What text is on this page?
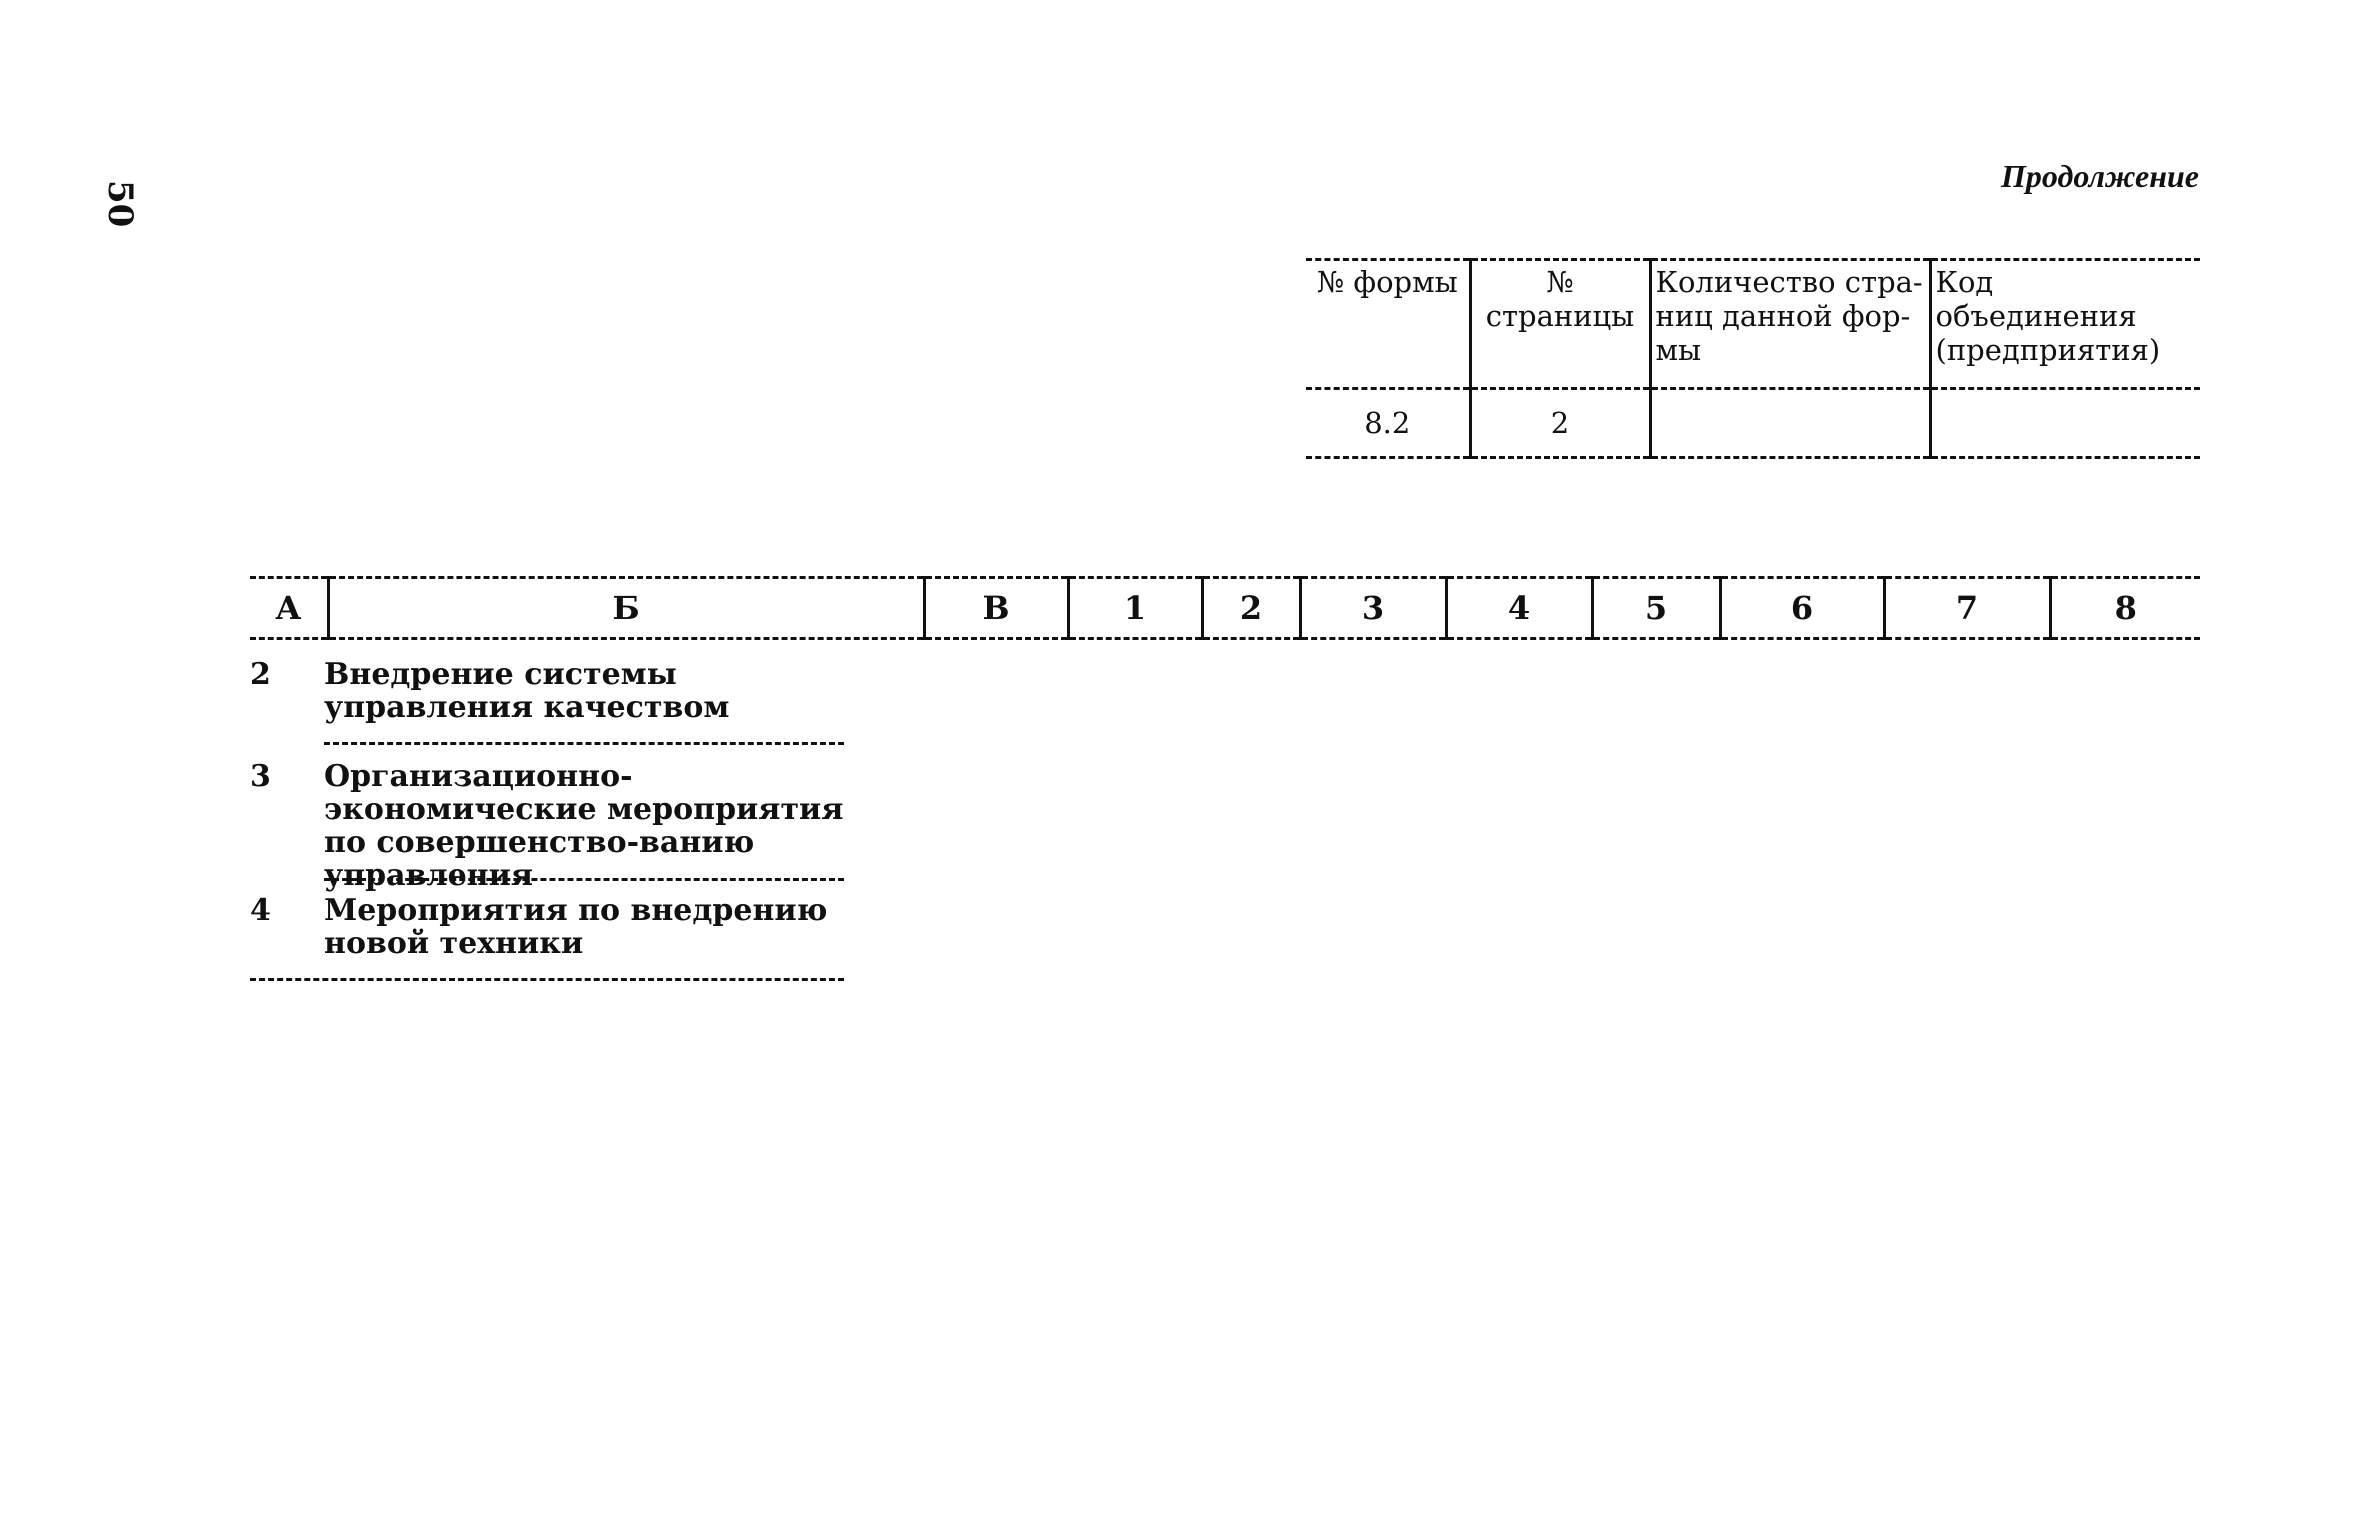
50
Продолжение
№ формы	№ страницы	Количество стра-ниц данной фор-мы	Код объединения (предприятия)
8.2	2		
А	Б	В	1	2	3	4	5	6	7	8
2	Внедрение системы управления качеством
3	Организационно-экономические мероприятия по совершенство-ванию управления
4	Мероприятия по внедрению новой техники
